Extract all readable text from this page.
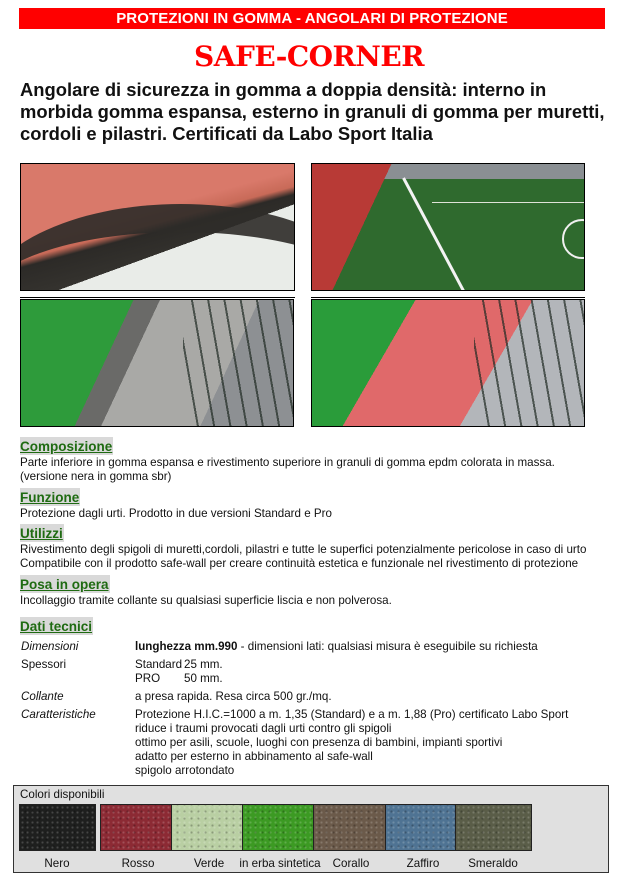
PROTEZIONI IN GOMMA - ANGOLARI DI PROTEZIONE
SAFE-CORNER
Angolare di sicurezza in gomma a doppia densità: interno in morbida gomma espansa, esterno in granuli di gomma per muretti, cordoli e pilastri. Certificati da Labo Sport Italia
Composizione
Parte inferiore in gomma espansa e rivestimento superiore in granuli di gomma epdm colorata in massa.
(versione nera in gomma sbr)
Funzione
Protezione dagli urti. Prodotto in due versioni Standard e Pro
Utilizzi
Rivestimento degli spigoli di muretti,cordoli, pilastri e tutte le superfici potenzialmente pericolose in caso di urto
Compatibile con il prodotto safe-wall per creare continuità estetica e funzionale nel rivestimento di protezione
Posa in opera
Incollaggio tramite collante su qualsiasi superficie liscia e non polverosa.
Dati tecnici
Dimensioni	lunghezza mm.990 - dimensioni lati: qualsiasi misura è eseguibile su richiesta
Spessori	Standard 25 mm.
PRO	50 mm.
Collante	a presa rapida. Resa circa 500 gr./mq.
Caratteristiche	Protezione H.I.C.=1000 a m. 1,35 (Standard) e a m. 1,88 (Pro) certificato Labo Sport
riduce i traumi provocati dagli urti contro gli spigoli
ottimo per asili, scuole, luoghi con presenza di bambini, impianti sportivi
adatto per esterno in abbinamento al safe-wall
spigolo arrotondato
Colori disponibili
Nero	Rosso	Verde	in erba sintetica	Corallo	Zaffiro	Smeraldo
